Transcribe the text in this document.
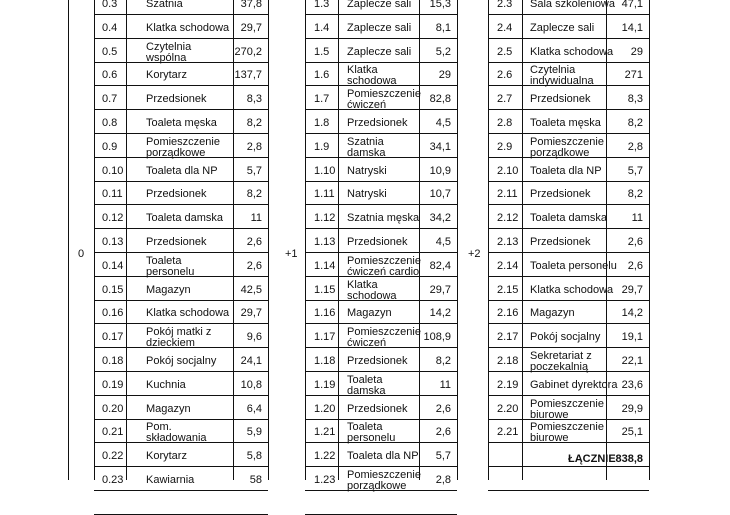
0
0.3	Szatnia	37,8
0.4	Klatka schodowa	29,7
0.5	Czytelnia
wspólna	270,2
0.6	Korytarz	137,7
0.7	Przedsionek	8,3
0.8	Toaleta męska	8,2
0.9	Pomieszczenie
porządkowe	2,8
0.10 Toaleta dla NP	5,7
0.11 Przedsionek	8,2
0.12 Toaleta damska	11
0.13 Przedsionek	2,6
0.14 Toaleta
personelu	2,6
0.15 Magazyn	42,5
0.16 Klatka schodowa	29,7
0.17 Pokój matki z
dzieckiem	9,6
0.18 Pokój socjalny	24,1
0.19 Kuchnia	10,8
0.20 Magazyn	6,4
0.21 Pom.
składowania	5,9
0.22 Korytarz	5,8
0.23 Kawiarnia	58
+1
1.3 Zaplecze sali	15,3
1.4 Zaplecze sali	8,1
1.5 Zaplecze sali	5,2
1.6 Klatka
schodowa	29
1.7 Pomieszczenie
ćwiczeń	82,8
1.8 Przedsionek	4,5
1.9 Szatnia
damska	34,1
1.10 Natryski	10,9
1.11 Natryski	10,7
1.12 Szatnia męska 34,2
1.13 Przedsionek	4,5
1.14 Pomieszczenie
ćwiczeń cardio 82,4
1.15 Klatka
schodowa	29,7
1.16 Magazyn	14,2
1.17 Pomieszczenie
ćwiczeń	108,9
1.18 Przedsionek	8,2
1.19 Toaleta
damska	11
1.20 Przedsionek	2,6
1.21 Toaleta
personelu	2,6
1.22 Toaleta dla NP	5,7
1.23 Pomieszczenie
porządkowe	2,8
+2
2.3 Sala szkoleniowa 47,1
2.4 Zaplecze sali	14,1
2.5 Klatka schodowa	29
2.6 Czytelnia
indywidualna	271
2.7 Przedsionek	8,3
2.8 Toaleta męska	8,2
2.9 Pomieszczenie
porządkowe	2,8
2.10 Toaleta dla NP	5,7
2.11 Przedsionek	8,2
2.12 Toaleta damska	11
2.13 Przedsionek	2,6
2.14 Toaleta personelu 2,6
2.15 Klatka schodowa 29,7
2.16 Magazyn	14,2
2.17 Pokój socjalny	19,1
2.18 Sekretariat z
poczekalnią	22,1
2.19 Gabinet dyrektora 23,6
2.20 Pomieszczenie
biurowe	29,9
2.21 Pomieszczenie
biurowe	25,1
ŁĄCZNIE 838,8
